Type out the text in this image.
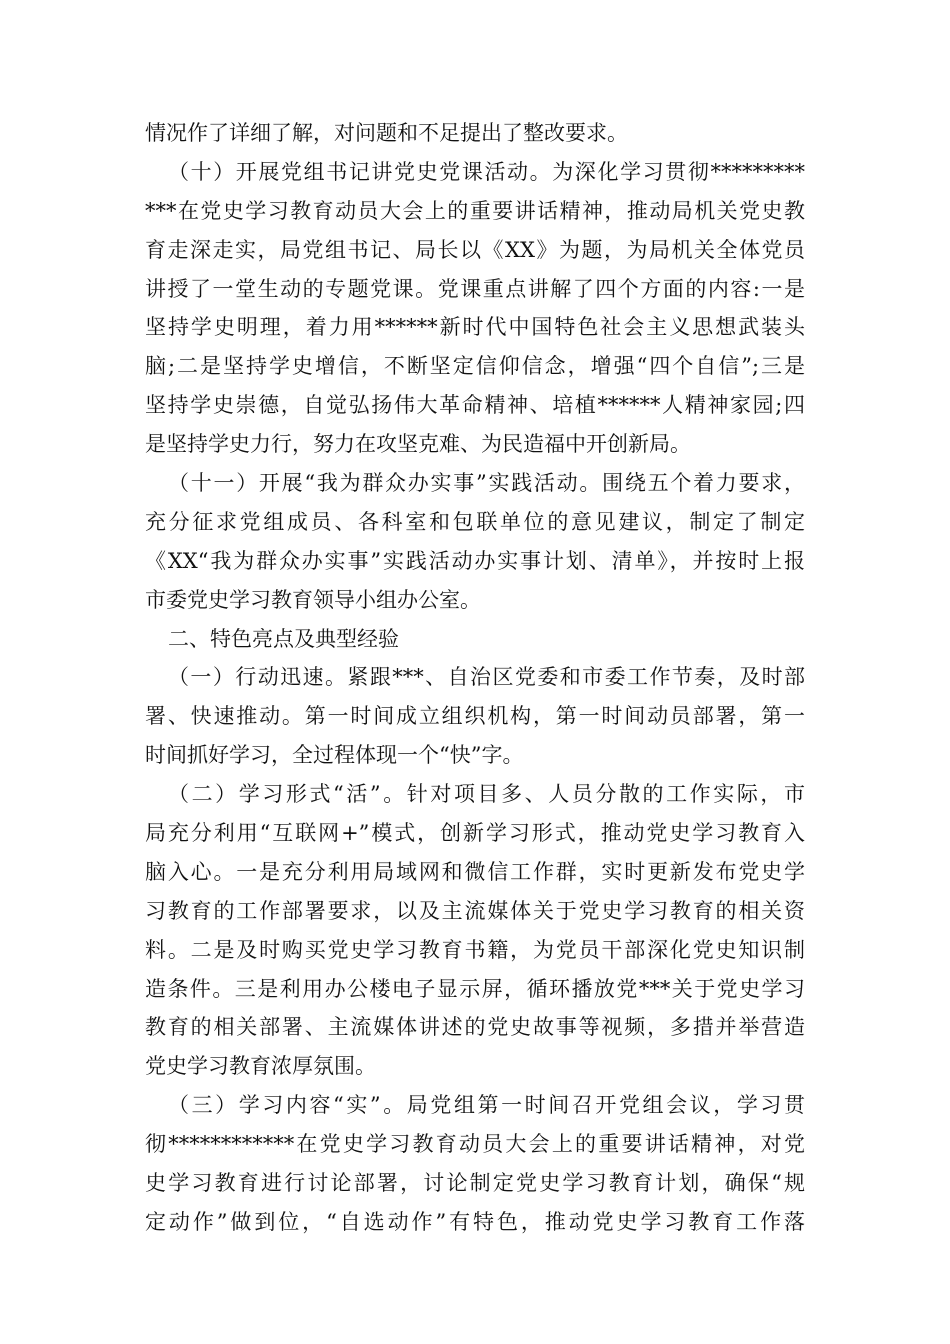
情况作了详细了解，对问题和不足提出了整改要求。
（十）开展党组书记讲党史党课活动。为深化学习贯彻*********
***在党史学习教育动员大会上的重要讲话精神，推动局机关党史教
育走深走实，局党组书记、局长以《XX》为题，为局机关全体党员
讲授了一堂生动的专题党课。党课重点讲解了四个方面的内容:一是
坚持学史明理，着力用******新时代中国特色社会主义思想武装头
脑;二是坚持学史增信，不断坚定信仰信念，增强“四个自信”;三是
坚持学史崇德，自觉弘扬伟大革命精神、培植******人精神家园;四
是坚持学史力行，努力在攻坚克难、为民造福中开创新局。
（十一）开展“我为群众办实事”实践活动。围绕五个着力要求，
充分征求党组成员、各科室和包联单位的意见建议，制定了制定
《XX“我为群众办实事”实践活动办实事计划、清单》，并按时上报
市委党史学习教育领导小组办公室。
二、特色亮点及典型经验
（一）行动迅速。紧跟***、自治区党委和市委工作节奏，及时部
署、快速推动。第一时间成立组织机构，第一时间动员部署，第一
时间抓好学习，全过程体现一个“快”字。
（二）学习形式“活”。针对项目多、人员分散的工作实际，市
局充分利用“互联网+”模式，创新学习形式，推动党史学习教育入
脑入心。一是充分利用局域网和微信工作群，实时更新发布党史学
习教育的工作部署要求，以及主流媒体关于党史学习教育的相关资
料。二是及时购买党史学习教育书籍，为党员干部深化党史知识制
造条件。三是利用办公楼电子显示屏，循环播放党***关于党史学习
教育的相关部署、主流媒体讲述的党史故事等视频，多措并举营造
党史学习教育浓厚氛围。
（三）学习内容“实”。局党组第一时间召开党组会议，学习贯
彻************在党史学习教育动员大会上的重要讲话精神，对党
史学习教育进行讨论部署，讨论制定党史学习教育计划，确保“规
定动作”做到位，“自选动作”有特色，推动党史学习教育工作落
